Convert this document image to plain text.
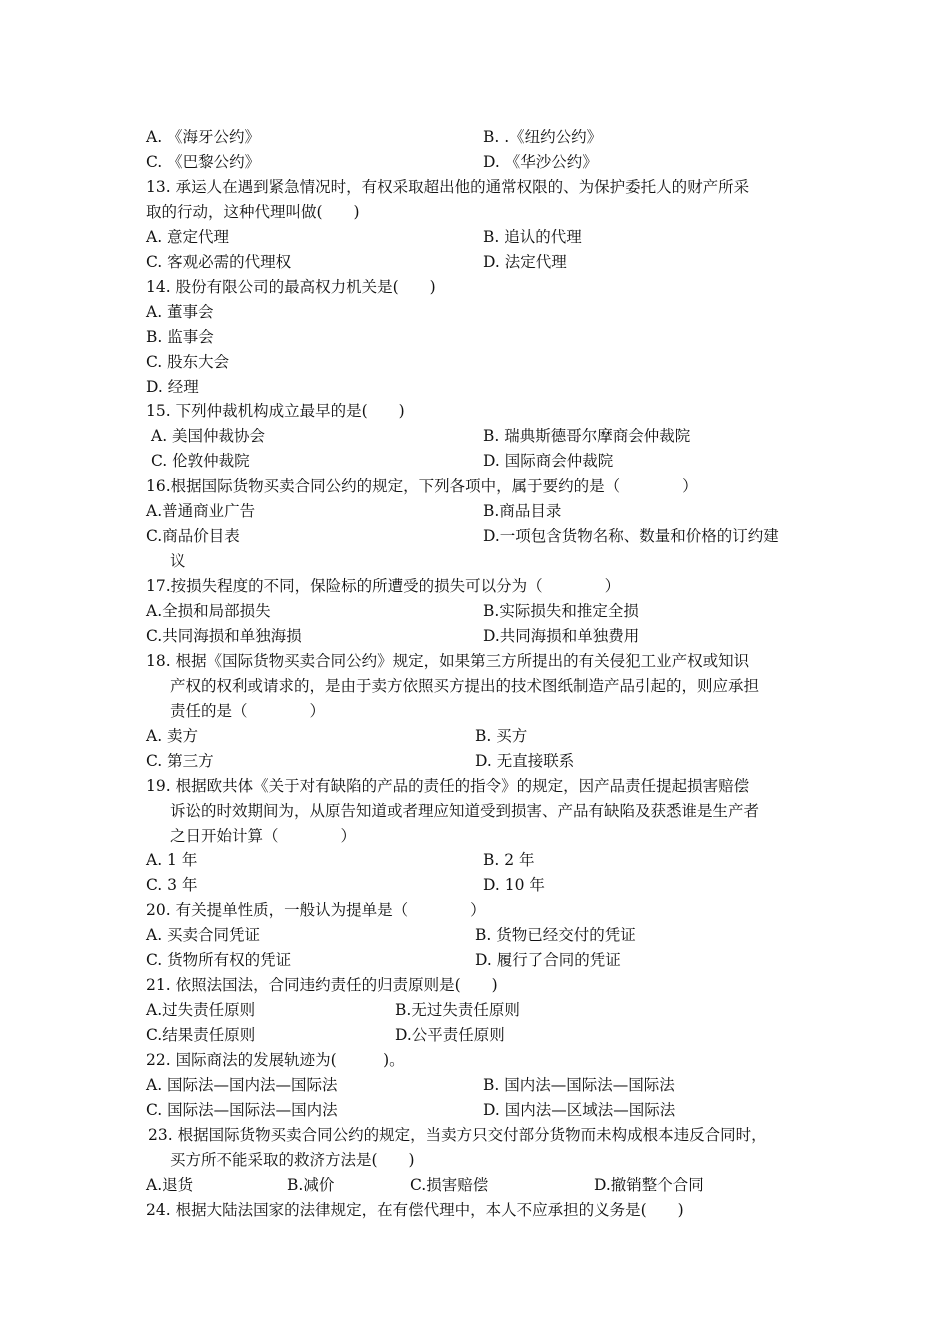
A. 《海牙公约》	B. .《纽约公约》
C. 《巴黎公约》	D. 《华沙公约》
13. 承运人在遇到紧急情况时，有权采取超出他的通常权限的、为保护委托人的财产所采
取的行动，这种代理叫做(　　)
A. 意定代理	B. 追认的代理
C. 客观必需的代理权	D. 法定代理
14. 股份有限公司的最高权力机关是(　　)
A. 董事会
B. 监事会
C. 股东大会
D. 经理
15. 下列仲裁机构成立最早的是(　　)
A. 美国仲裁协会	B. 瑞典斯德哥尔摩商会仲裁院
C. 伦敦仲裁院	D. 国际商会仲裁院
16.根据国际货物买卖合同公约的规定，下列各项中，属于要约的是（　　　　）
A.普通商业广告	B.商品目录
C.商品价目表	D.一项包含货物名称、数量和价格的订约建
议
17.按损失程度的不同，保险标的所遭受的损失可以分为（　　　　）
A.全损和局部损失	B.实际损失和推定全损
C.共同海损和单独海损	D.共同海损和单独费用
18. 根据《国际货物买卖合同公约》规定，如果第三方所提出的有关侵犯工业产权或知识
产权的权利或请求的，是由于卖方依照买方提出的技术图纸制造产品引起的，则应承担
责任的是（　　　　）
A. 卖方	B. 买方
C. 第三方	D. 无直接联系
19. 根据欧共体《关于对有缺陷的产品的责任的指令》的规定，因产品责任提起损害赔偿
诉讼的时效期间为，从原告知道或者理应知道受到损害、产品有缺陷及获悉谁是生产者
之日开始计算（　　　　）
A. 1 年	B. 2 年
C. 3 年	D. 10 年
20. 有关提单性质，一般认为提单是（　　　　）
A. 买卖合同凭证	B. 货物已经交付的凭证
C. 货物所有权的凭证	D. 履行了合同的凭证
21. 依照法国法，合同违约责任的归责原则是(　　)
A.过失责任原则	B.无过失责任原则
C.结果责任原则	D.公平责任原则
22. 国际商法的发展轨迹为(　　　)。
A. 国际法—国内法—国际法	B. 国内法—国际法—国际法
C. 国际法—国际法—国内法	D. 国内法—区域法—国际法
23. 根据国际货物买卖合同公约的规定，当卖方只交付部分货物而未构成根本违反合同时，
买方所不能采取的救济方法是(　　)
A.退货	B.减价	C.损害赔偿	D.撤销整个合同
24. 根据大陆法国家的法律规定，在有偿代理中，本人不应承担的义务是(　　)
